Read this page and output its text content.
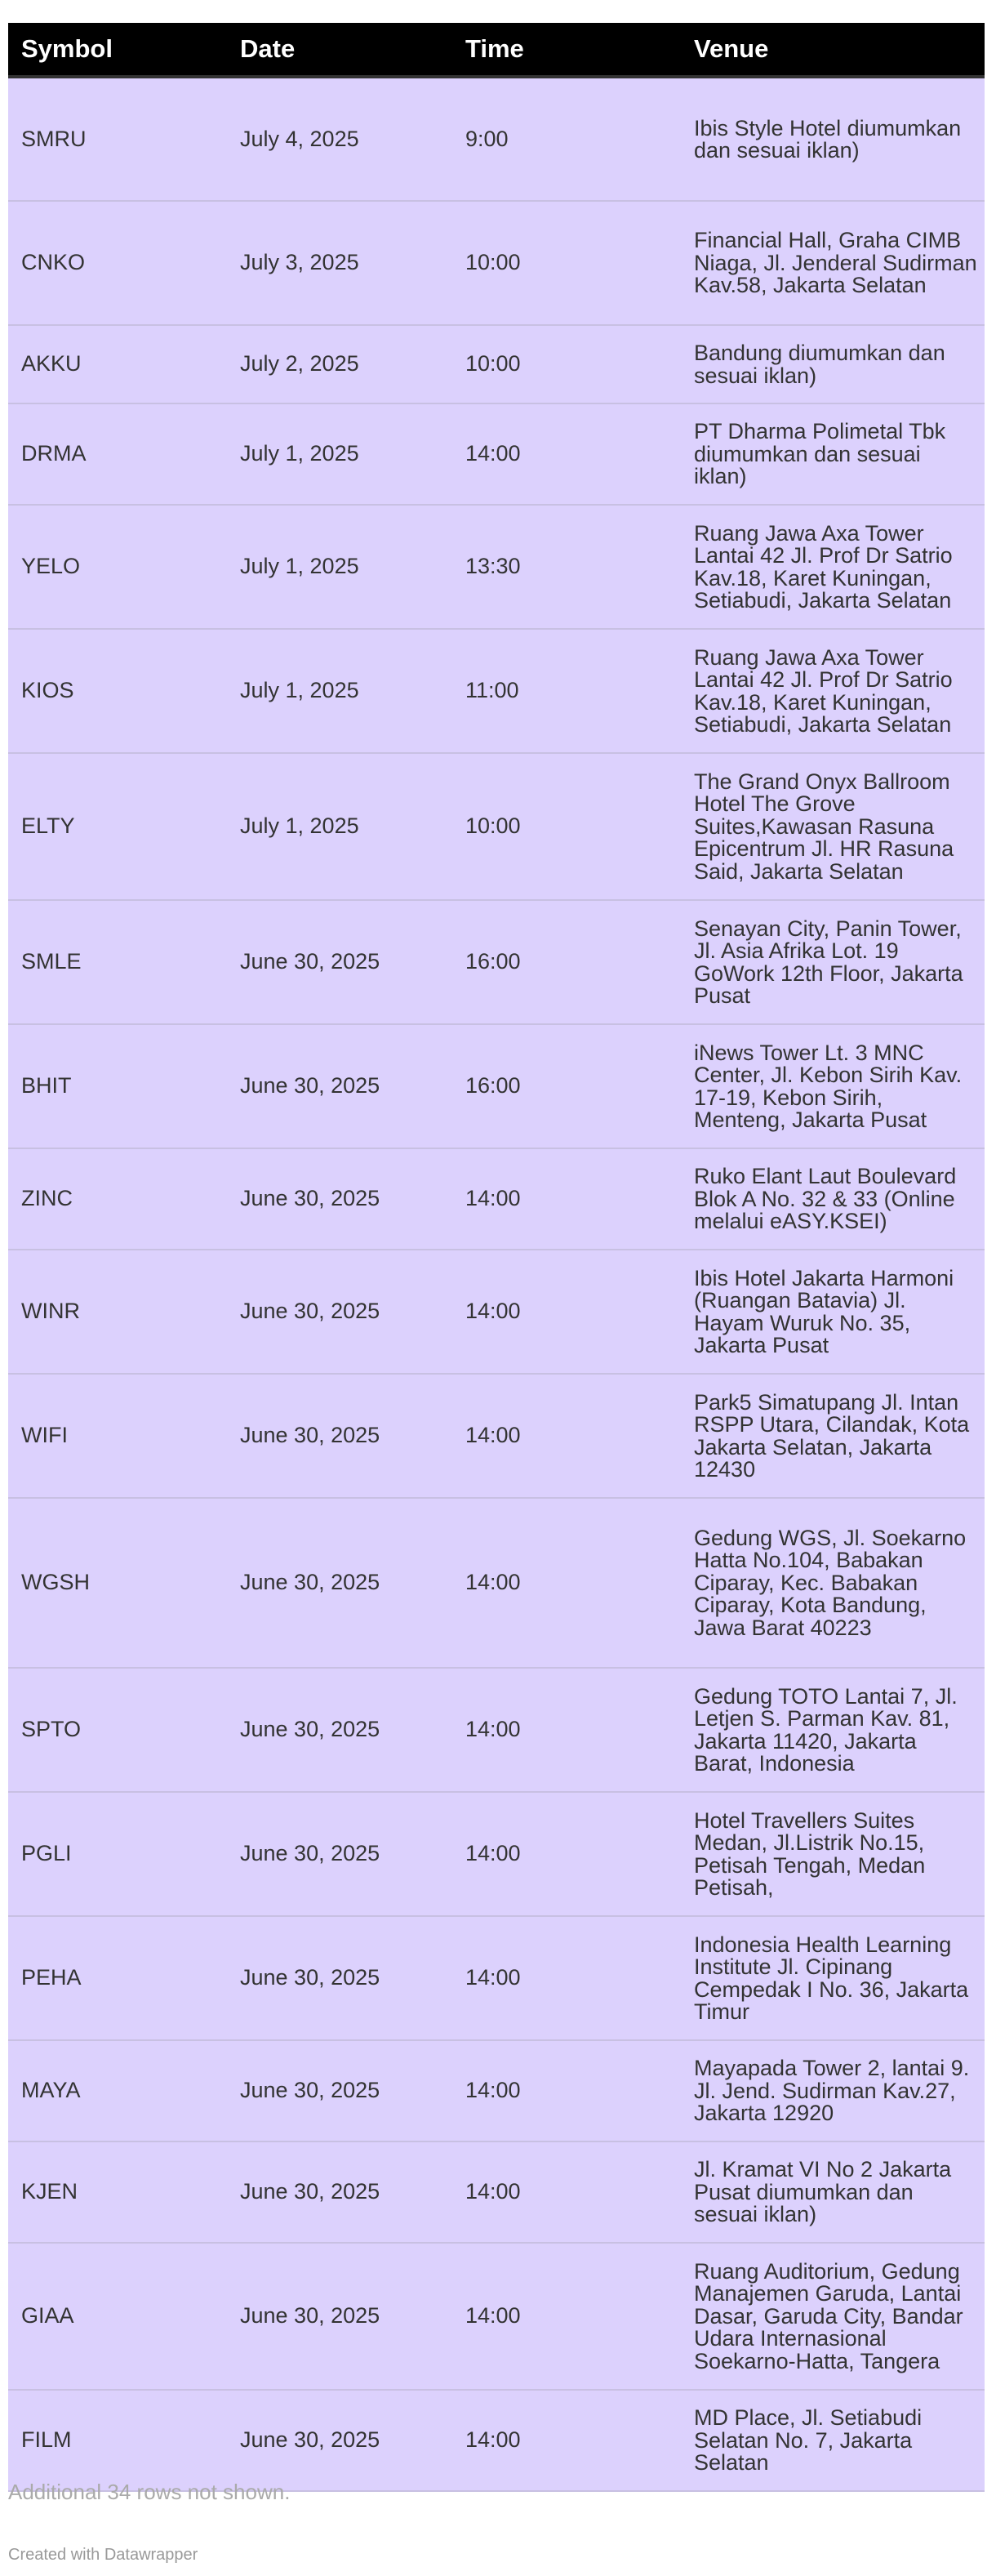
Symbol	Date	Time	Venue
SMRU	July 4, 2025	9:00	Ibis Style Hotel diumumkan dan sesuai iklan)
CNKO	July 3, 2025	10:00	Financial Hall, Graha CIMB Niaga, Jl. Jenderal Sudirman Kav.58, Jakarta Selatan
AKKU	July 2, 2025	10:00	Bandung diumumkan dan sesuai iklan)
DRMA	July 1, 2025	14:00	PT Dharma Polimetal Tbk diumumkan dan sesuai iklan)
YELO	July 1, 2025	13:30	Ruang Jawa Axa Tower Lantai 42 Jl. Prof Dr Satrio Kav.18, Karet Kuningan, Setiabudi, Jakarta Selatan
KIOS	July 1, 2025	11:00	Ruang Jawa Axa Tower Lantai 42 Jl. Prof Dr Satrio Kav.18, Karet Kuningan, Setiabudi, Jakarta Selatan
ELTY	July 1, 2025	10:00	The Grand Onyx Ballroom Hotel The Grove Suites,Kawasan Rasuna Epicentrum Jl. HR Rasuna Said, Jakarta Selatan
SMLE	June 30, 2025	16:00	Senayan City, Panin Tower, Jl. Asia Afrika Lot. 19 GoWork 12th Floor, Jakarta Pusat
BHIT	June 30, 2025	16:00	iNews Tower Lt. 3 MNC Center, Jl. Kebon Sirih Kav. 17-19, Kebon Sirih, Menteng, Jakarta Pusat
ZINC	June 30, 2025	14:00	Ruko Elant Laut Boulevard Blok A No. 32 & 33 (Online melalui eASY.KSEI)
WINR	June 30, 2025	14:00	Ibis Hotel Jakarta Harmoni (Ruangan Batavia) Jl. Hayam Wuruk No. 35, Jakarta Pusat
WIFI	June 30, 2025	14:00	Park5 Simatupang Jl. Intan RSPP Utara, Cilandak, Kota Jakarta Selatan, Jakarta 12430
WGSH	June 30, 2025	14:00	Gedung WGS, Jl. Soekarno Hatta No.104, Babakan Ciparay, Kec. Babakan Ciparay, Kota Bandung, Jawa Barat 40223
SPTO	June 30, 2025	14:00	Gedung TOTO Lantai 7, Jl. Letjen S. Parman Kav. 81, Jakarta 11420, Jakarta Barat, Indonesia
PGLI	June 30, 2025	14:00	Hotel Travellers Suites Medan, Jl.Listrik No.15, Petisah Tengah, Medan Petisah,
PEHA	June 30, 2025	14:00	Indonesia Health Learning Institute Jl. Cipinang Cempedak I No. 36, Jakarta Timur
MAYA	June 30, 2025	14:00	Mayapada Tower 2, lantai 9. Jl. Jend. Sudirman Kav.27, Jakarta 12920
KJEN	June 30, 2025	14:00	Jl. Kramat VI No 2 Jakarta Pusat diumumkan dan sesuai iklan)
GIAA	June 30, 2025	14:00	Ruang Auditorium, Gedung Manajemen Garuda, Lantai Dasar, Garuda City, Bandar Udara Internasional Soekarno-Hatta, Tangera
FILM	June 30, 2025	14:00	MD Place, Jl. Setiabudi Selatan No. 7, Jakarta Selatan
Additional 34 rows not shown.
Created with Datawrapper
